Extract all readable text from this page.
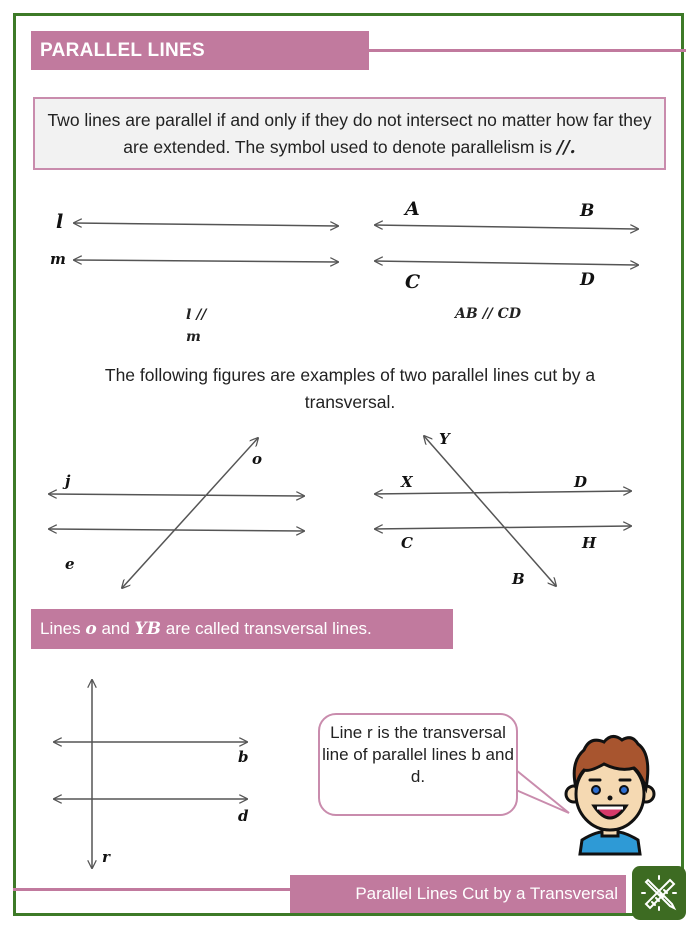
PARALLEL LINES
Two lines are parallel if and only if they do not intersect no matter how far they are extended. The symbol used to denote parallelism is //.
l
m
l //
m
A	B
C	D
AB // CD
The following figures are examples of two parallel lines cut by a transversal.
j
e
o
Y
X	D
C	H
B
Lines o and YB are called transversal lines.
b
d
r
Line r is the transversal line of parallel lines b and d.
Parallel Lines Cut by a Transversal
